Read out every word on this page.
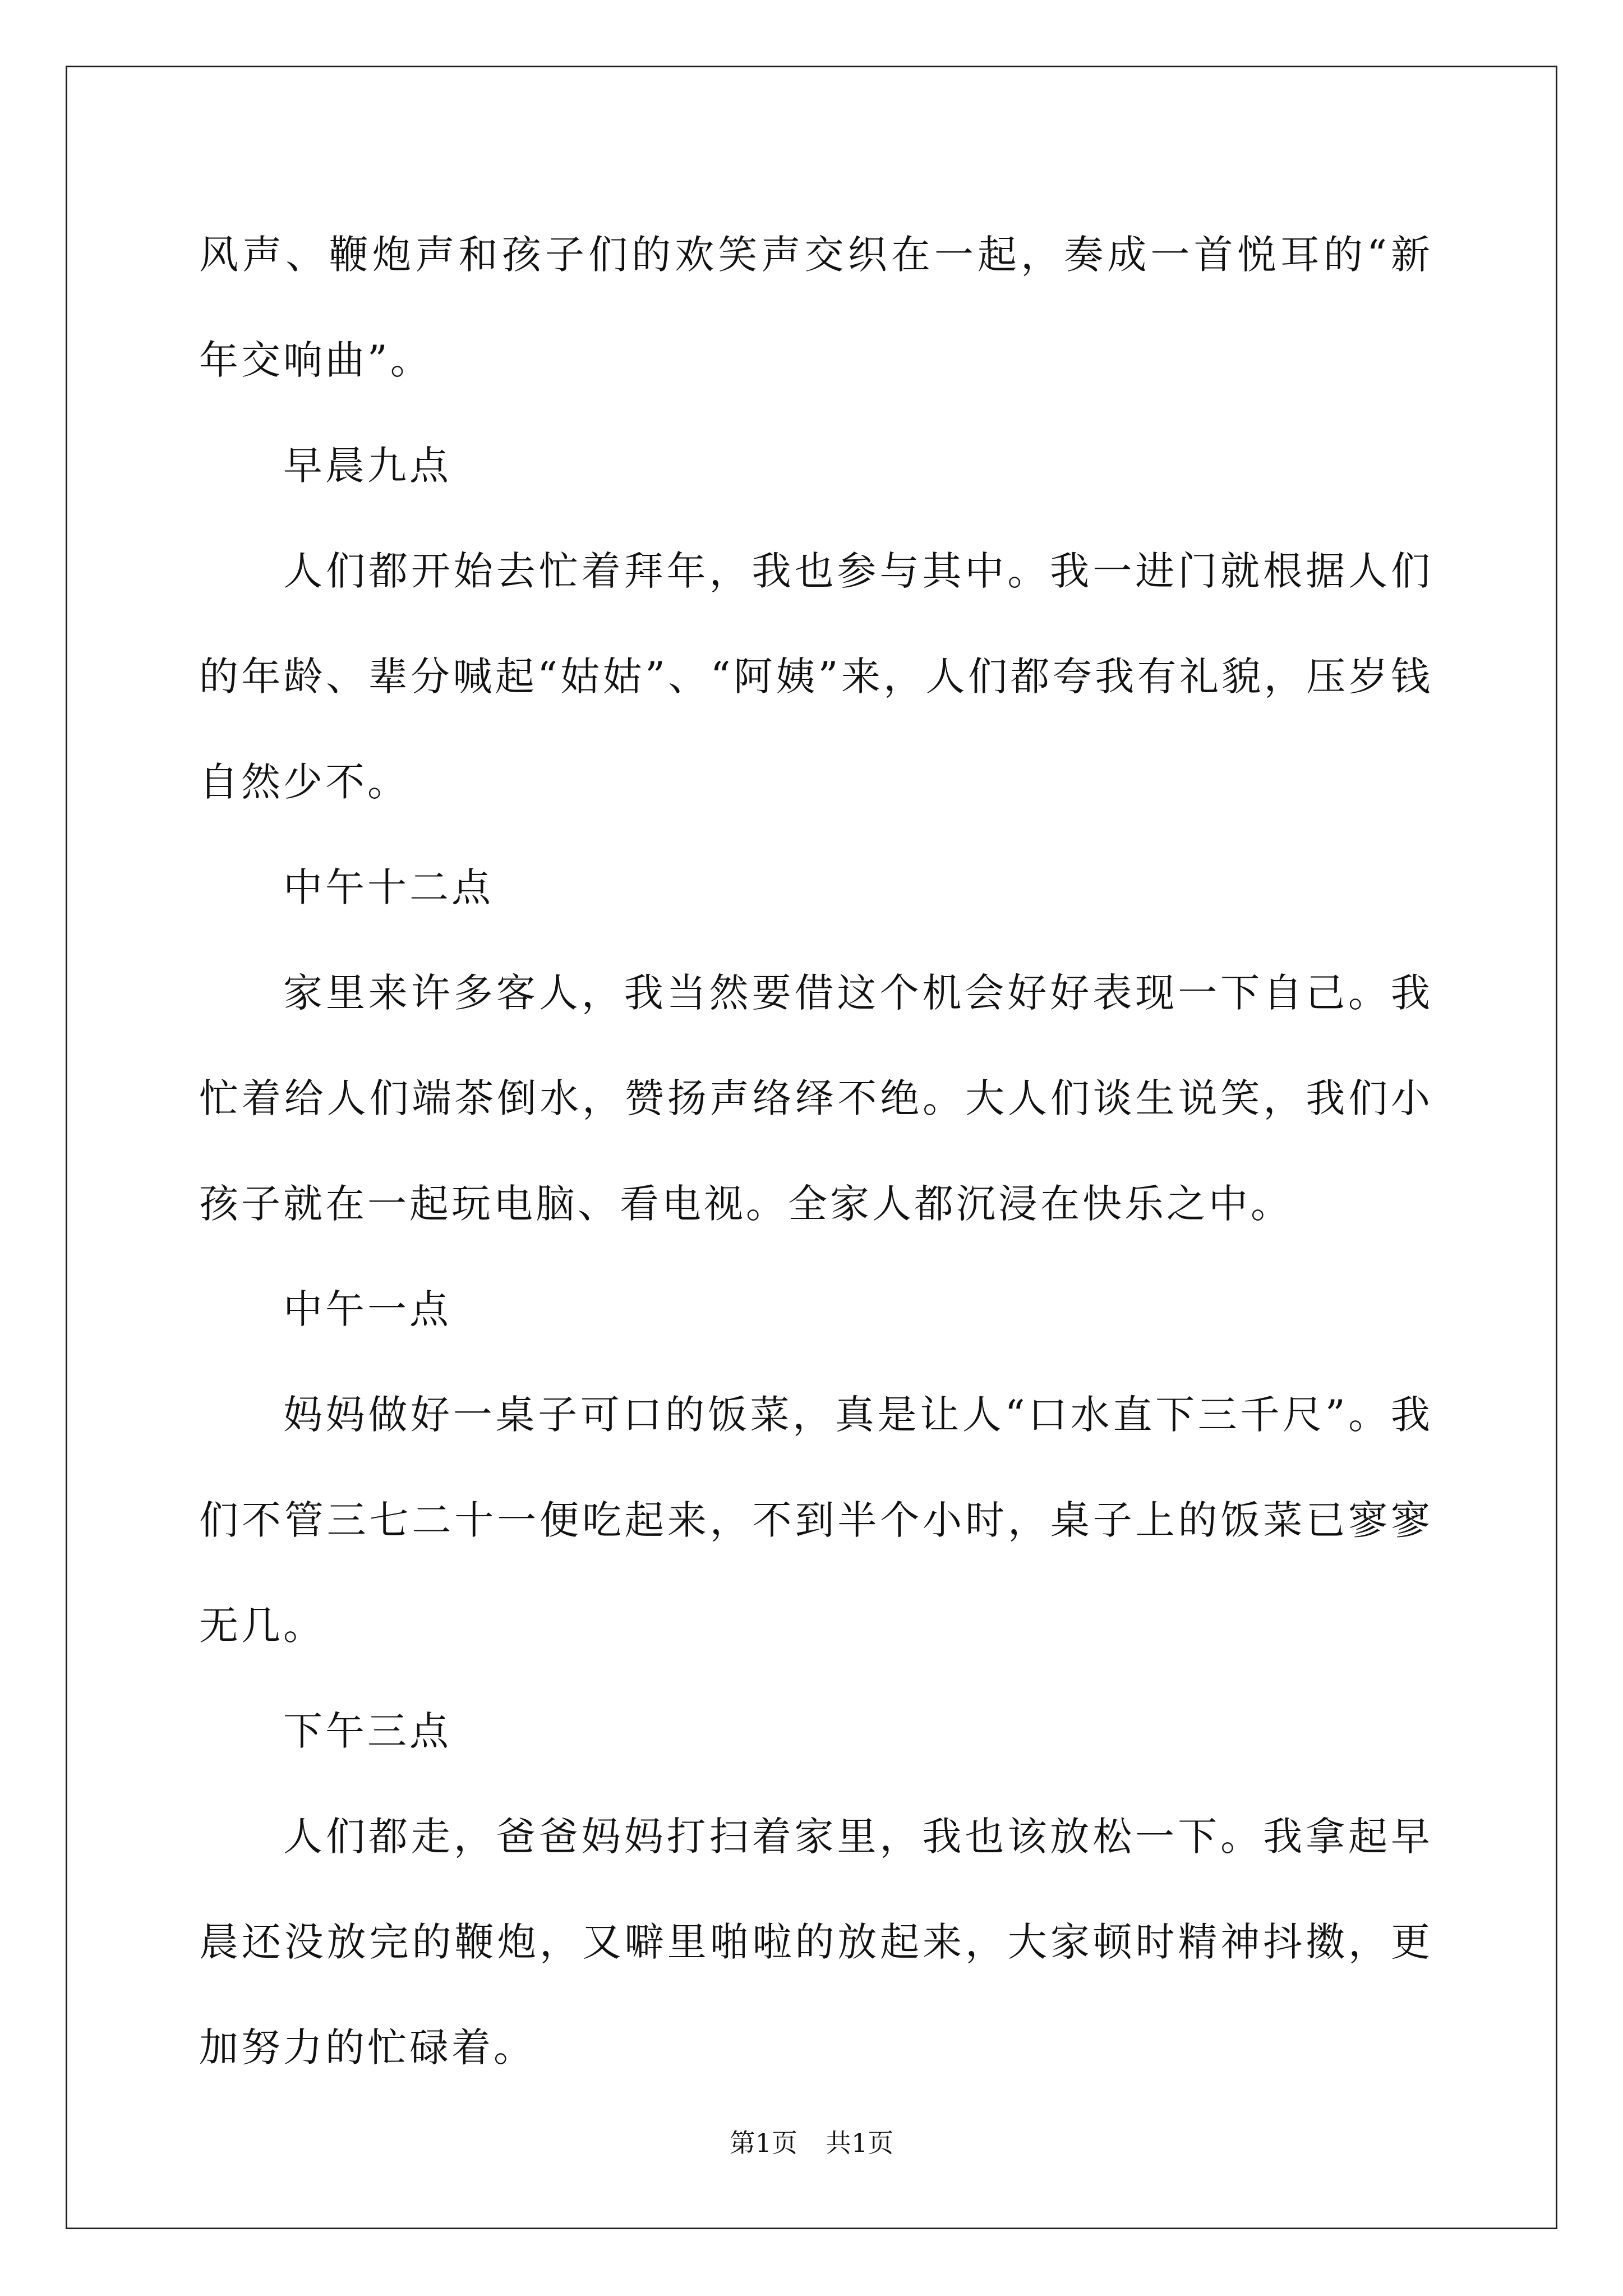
风声、鞭炮声和孩子们的欢笑声交织在一起，奏成一首悦耳的“新年交响曲”。

早晨九点

人们都开始去忙着拜年，我也参与其中。我一进门就根据人们的年龄、辈分喊起“姑姑”、“阿姨”来，人们都夸我有礼貌，压岁钱自然少不。

中午十二点

家里来许多客人，我当然要借这个机会好好表现一下自己。我忙着给人们端茶倒水，赞扬声络绎不绝。大人们谈生说笑，我们小孩子就在一起玩电脑、看电视。全家人都沉浸在快乐之中。

中午一点

妈妈做好一桌子可口的饭菜，真是让人“口水直下三千尺”。我们不管三七二十一便吃起来，不到半个小时，桌子上的饭菜已寥寥无几。

下午三点

人们都走，爸爸妈妈打扫着家里，我也该放松一下。我拿起早晨还没放完的鞭炮，又噼里啪啦的放起来，大家顿时精神抖擞，更加努力的忙碌着。

第1页 共1页
